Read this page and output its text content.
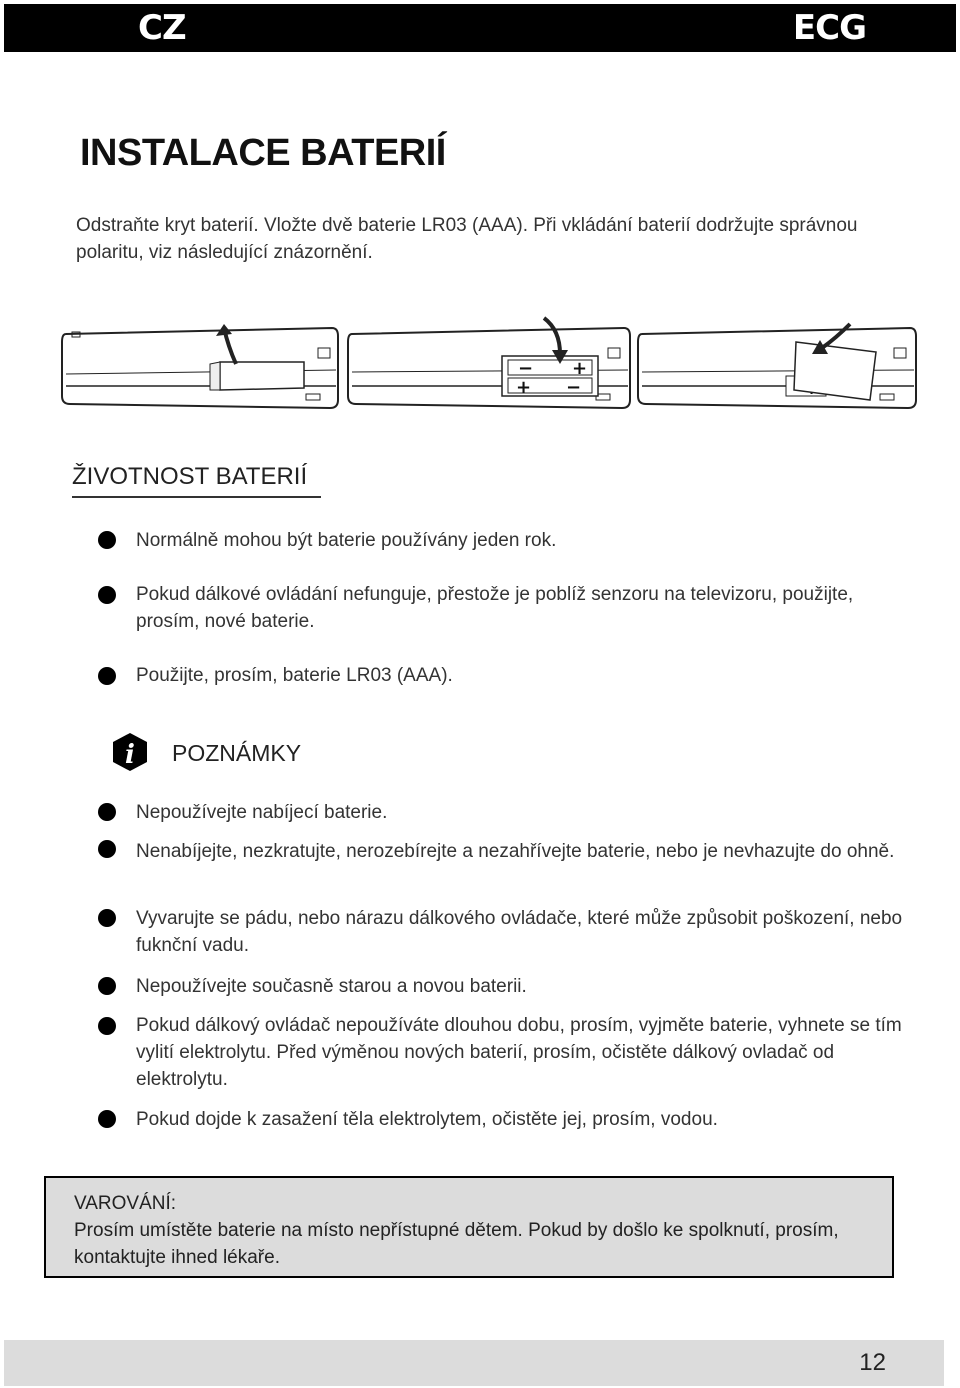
CZ	ECG
INSTALACE BATERIÍ
Odstraňte kryt baterií. Vložte dvě baterie LR03 (AAA). Při vkládání baterií dodržujte správnou polaritu, viz následující znázornění.
− +
+ −
ŽIVOTNOST BATERIÍ
Normálně mohou být baterie používány jeden rok.
Pokud dálkové ovládání nefunguje, přestože je poblíž senzoru na televizoru, použijte, prosím, nové baterie.
Použijte, prosím, baterie LR03 (AAA).
i POZNÁMKY
Nepoužívejte nabíjecí baterie.
Nenabíjejte, nezkratujte, nerozebírejte a nezahřívejte baterie, nebo je nevhazujte do ohně.
Vyvarujte se pádu, nebo nárazu dálkového ovládače, které může způsobit poškození, nebo fuknční vadu.
Nepoužívejte současně starou a novou baterii.
Pokud dálkový ovládač nepoužíváte dlouhou dobu, prosím, vyjměte baterie, vyhnete se tím vylití elektrolytu. Před výměnou nových baterií, prosím, očistěte dálkový ovladač od elektrolytu.
Pokud dojde k zasažení těla elektrolytem, očistěte jej, prosím, vodou.
VAROVÁNÍ:
Prosím umístěte baterie na místo nepřístupné dětem. Pokud by došlo ke spolknutí, prosím, kontaktujte ihned lékaře.
12
